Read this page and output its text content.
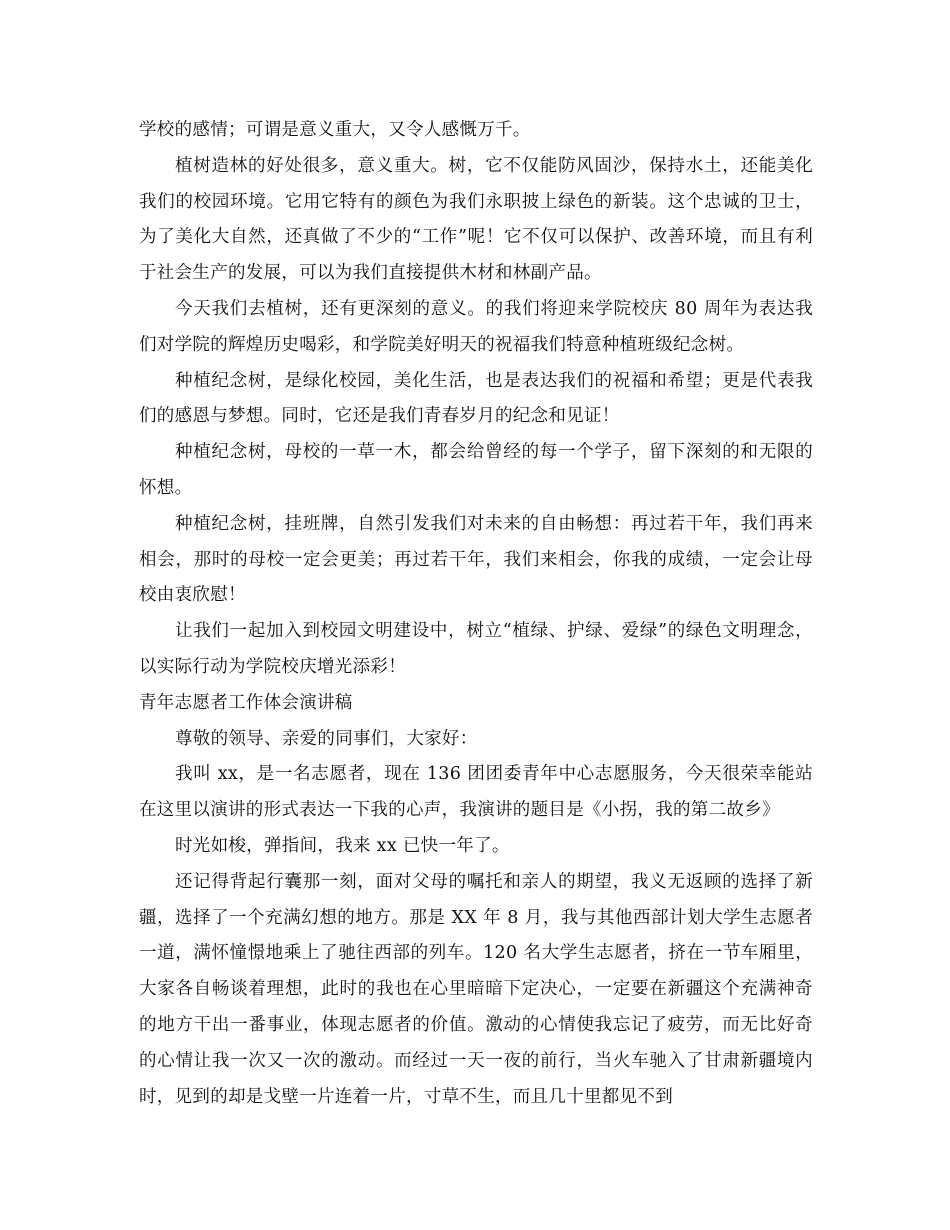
学校的感情；可谓是意义重大，又令人感慨万千。

植树造林的好处很多，意义重大。树，它不仅能防风固沙，保持水土，还能美化我们的校园环境。它用它特有的颜色为我们永职披上绿色的新装。这个忠诚的卫士，为了美化大自然，还真做了不少的“工作”呢！它不仅可以保护、改善环境，而且有利于社会生产的发展，可以为我们直接提供木材和林副产品。

今天我们去植树，还有更深刻的意义。的我们将迎来学院校庆 80 周年为表达我们对学院的辉煌历史喝彩，和学院美好明天的祝福我们特意种植班级纪念树。

种植纪念树，是绿化校园，美化生活，也是表达我们的祝福和希望；更是代表我们的感恩与梦想。同时，它还是我们青春岁月的纪念和见证！

种植纪念树，母校的一草一木，都会给曾经的每一个学子，留下深刻的和无限的怀想。

种植纪念树，挂班牌，自然引发我们对未来的自由畅想：再过若干年，我们再来相会，那时的母校一定会更美；再过若干年，我们来相会，你我的成绩，一定会让母校由衷欣慰！

让我们一起加入到校园文明建设中，树立“植绿、护绿、爱绿”的绿色文明理念，以实际行动为学院校庆增光添彩！

青年志愿者工作体会演讲稿

尊敬的领导、亲爱的同事们，大家好：

我叫 xx，是一名志愿者，现在 136 团团委青年中心志愿服务，今天很荣幸能站在这里以演讲的形式表达一下我的心声，我演讲的题目是《小拐，我的第二故乡》

时光如梭，弹指间，我来 xx 已快一年了。

还记得背起行囊那一刻，面对父母的嘱托和亲人的期望，我义无返顾的选择了新疆，选择了一个充满幻想的地方。那是 XX 年 8 月，我与其他西部计划大学生志愿者一道，满怀憧憬地乘上了驰往西部的列车。120 名大学生志愿者，挤在一节车厢里，大家各自畅谈着理想，此时的我也在心里暗暗下定决心，一定要在新疆这个充满神奇的地方干出一番事业，体现志愿者的价值。激动的心情使我忘记了疲劳，而无比好奇的心情让我一次又一次的激动。而经过一天一夜的前行，当火车驰入了甘肃新疆境内时，见到的却是戈壁一片连着一片，寸草不生，而且几十里都见不到
